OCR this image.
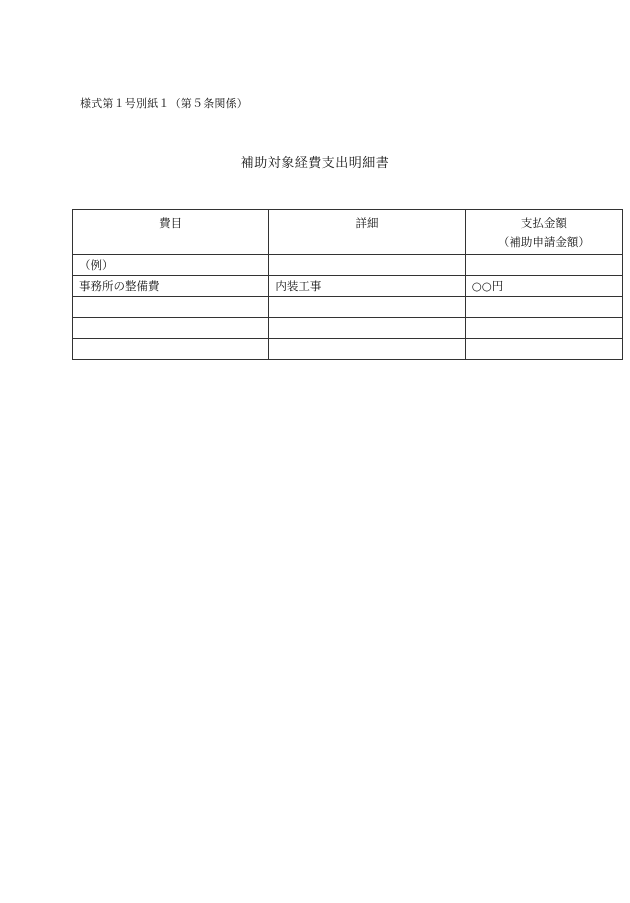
様式第１号別紙１（第５条関係）
補助対象経費支出明細書
費目	詳細	支払金額
（補助申請金額）

（例）		
事務所の整備費	内装工事	○○円
